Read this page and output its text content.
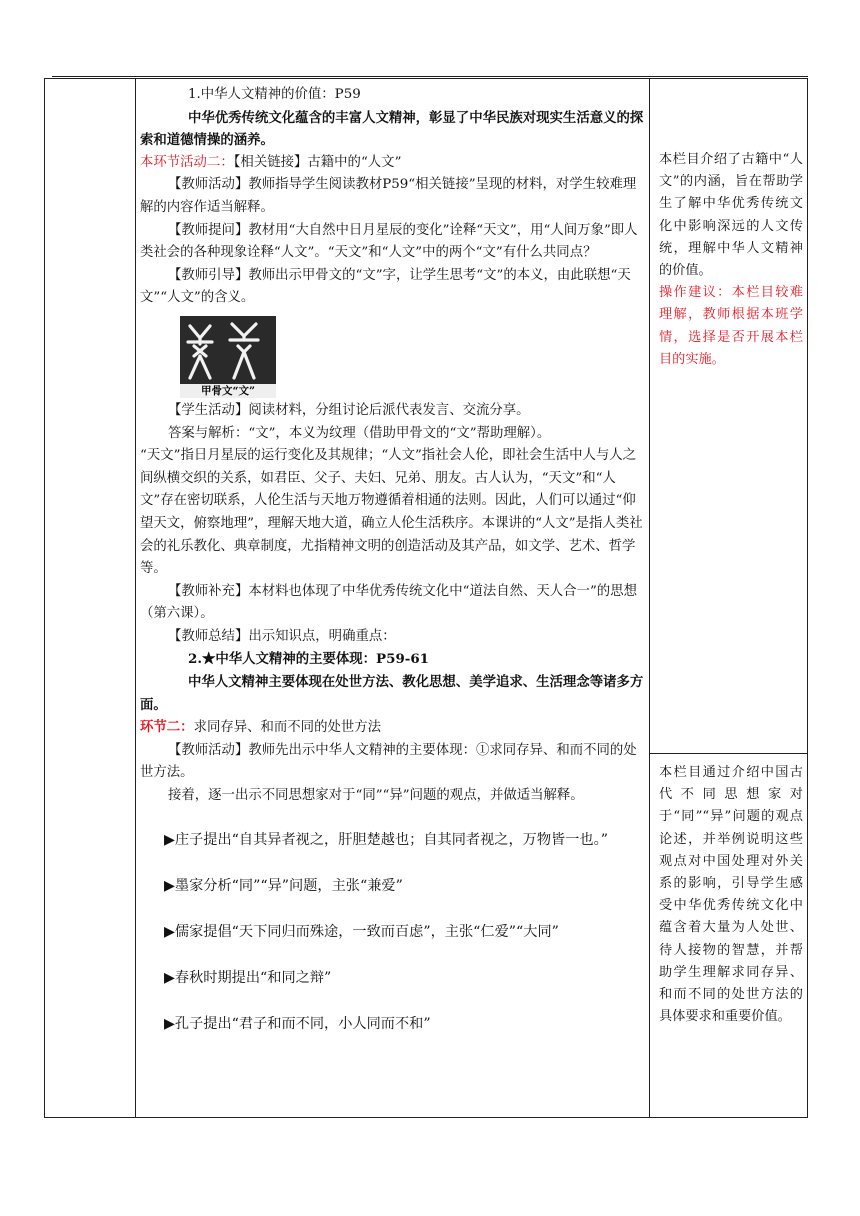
1.中华人文精神的价值：P59

中华优秀传统文化蕴含的丰富人文精神，彰显了中华民族对现实生活意义的探索和道德情操的涵养。

本环节活动二：【相关链接】古籍中的“人文”

【教师活动】教师指导学生阅读教材P59“相关链接”呈现的材料，对学生较难理解的内容作适当解释。

【教师提问】教材用“大自然中日月星辰的变化”诠释“天文”，用“人间万象”即人类社会的各种现象诠释“人文”。“天文”和“人文”中的两个“文”有什么共同点？

【教师引导】教师出示甲骨文的“文”字，让学生思考“文”的本义，由此联想“天文”“人文”的含义。

甲骨文“文”

【学生活动】阅读材料，分组讨论后派代表发言、交流分享。

答案与解析：“文”，本义为纹理（借助甲骨文的“文”帮助理解）。

“天文”指日月星辰的运行变化及其规律；“人文”指社会人伦，即社会生活中人与人之间纵横交织的关系，如君臣、父子、夫妇、兄弟、朋友。古人认为，“天文”和“人文”存在密切联系，人伦生活与天地万物遵循着相通的法则。因此，人们可以通过“仰望天文，俯察地理”，理解天地大道，确立人伦生活秩序。本课讲的“人文”是指人类社会的礼乐教化、典章制度，尤指精神文明的创造活动及其产品，如文学、艺术、哲学等。

【教师补充】本材料也体现了中华优秀传统文化中“道法自然、天人合一”的思想（第六课）。

【教师总结】出示知识点，明确重点：

2.★中华人文精神的主要体现：P59-61

中华人文精神主要体现在处世方法、教化思想、美学追求、生活理念等诸多方面。

环节二：求同存异、和而不同的处世方法

【教师活动】教师先出示中华人文精神的主要体现：①求同存异、和而不同的处世方法。

接着，逐一出示不同思想家对于“同”“异”问题的观点，并做适当解释。

▶庄子提出“自其异者视之，肝胆楚越也；自其同者视之，万物皆一也。”

▶墨家分析“同”“异”问题，主张“兼爱”

▶儒家提倡“天下同归而殊途，一致而百虑”，主张“仁爱”“大同”

▶春秋时期提出“和同之辩”

▶孔子提出“君子和而不同，小人同而不和”

本栏目介绍了古籍中“人文”的内涵，旨在帮助学生了解中华优秀传统文化中影响深远的人文传统，理解中华人文精神的价值。

操作建议：本栏目较难理解，教师根据本班学情，选择是否开展本栏目的实施。

本栏目通过介绍中国古代不同思想家对于“同”“异”问题的观点论述，并举例说明这些观点对中国处理对外关系的影响，引导学生感受中华优秀传统文化中蕴含着大量为人处世、待人接物的智慧，并帮助学生理解求同存异、和而不同的处世方法的具体要求和重要价值。
